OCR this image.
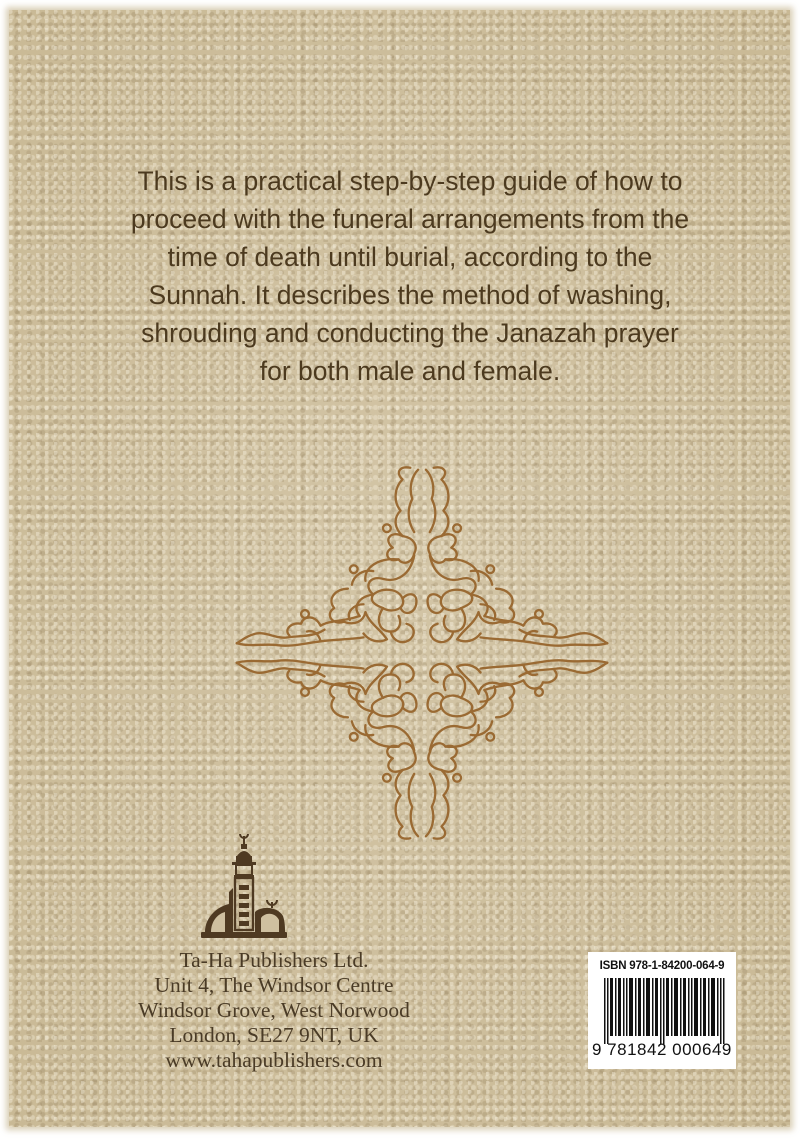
This is a practical step-by-step guide of how to
proceed with the funeral arrangements from the
time of death until burial, according to the
Sunnah. It describes the method of washing,
shrouding and conducting the Janazah prayer
for both male and female.
Ta-Ha Publishers Ltd.
Unit 4, The Windsor Centre
Windsor Grove, West Norwood
London, SE27 9NT, UK
www.tahapublishers.com
ISBN 978-1-84200-064-9
9 781842 000649
